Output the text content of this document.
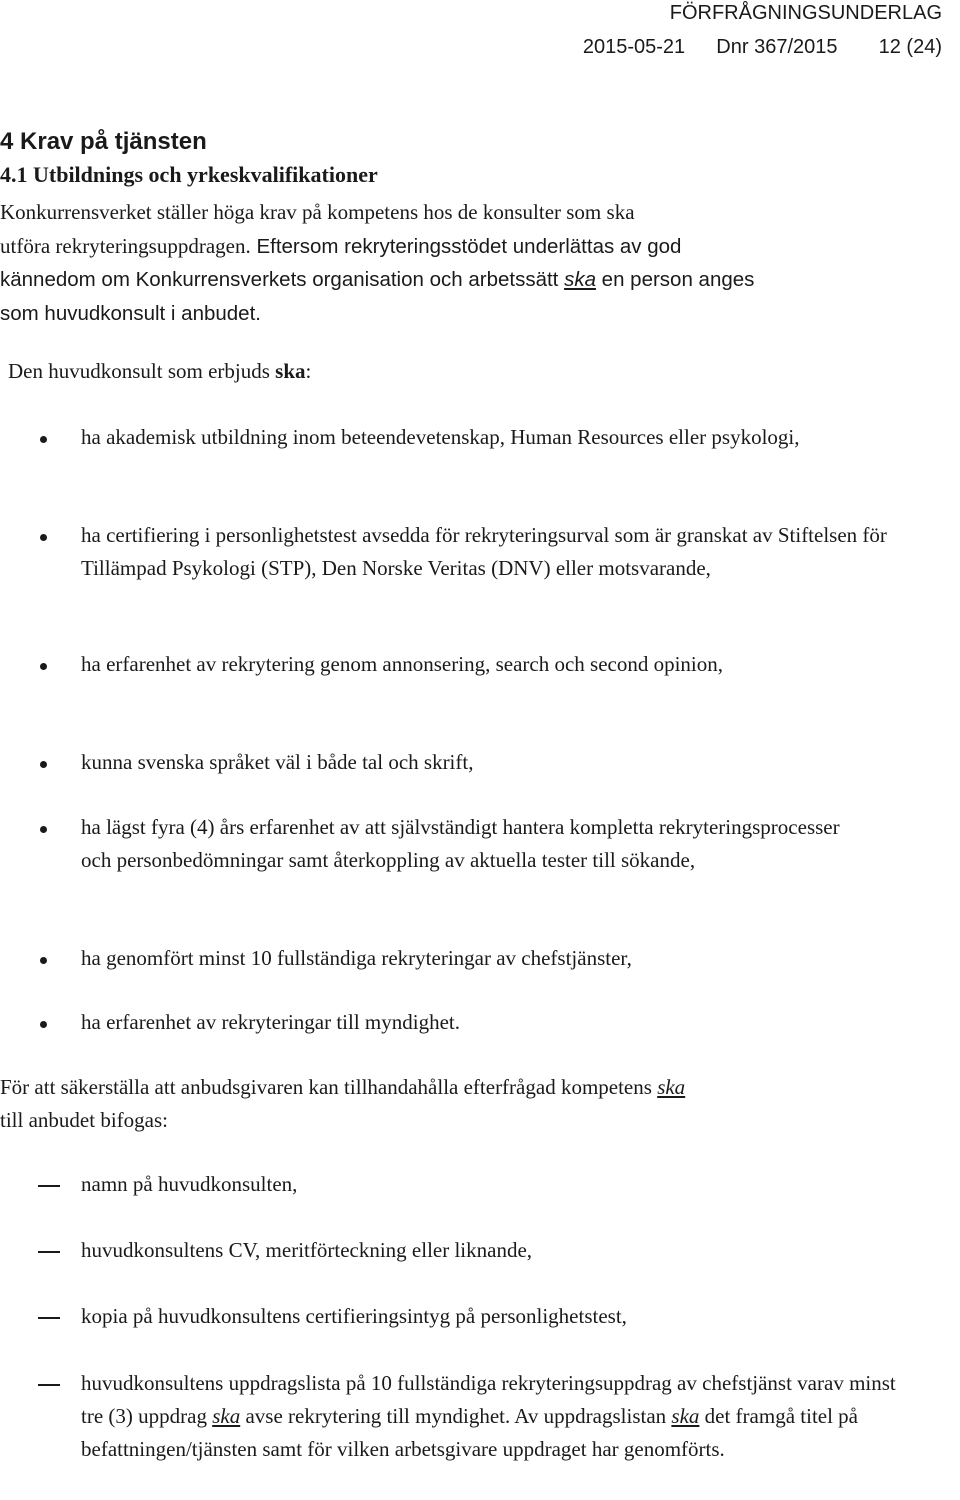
FÖRFRÅGNINGSUNDERLAG
2015-05-21 Dnr 367/2015 12 (24)
4 Krav på tjänsten
4.1 Utbildnings och yrkeskvalifikationer

Konkurrensverket ställer höga krav på kompetens hos de konsulter som ska
utföra rekryteringsuppdragen. Eftersom rekryteringsstödet underlättas av god
kännedom om Konkurrensverkets organisation och arbetssätt ska en person anges
som huvudkonsult i anbudet.

Den huvudkonsult som erbjuds ska:

ha akademisk utbildning inom beteendevetenskap, Human Resources eller psykologi,

ha certifiering i personlighetstest avsedda för rekryteringsurval som är granskat av Stiftelsen för Tillämpad Psykologi (STP), Den Norske Veritas (DNV) eller motsvarande,

ha erfarenhet av rekrytering genom annonsering, search och second opinion,

kunna svenska språket väl i både tal och skrift,

ha lägst fyra (4) års erfarenhet av att självständigt hantera kompletta rekryteringsprocesser och personbedömningar samt återkoppling av aktuella tester till sökande,

ha genomfört minst 10 fullständiga rekryteringar av chefstjänster,

ha erfarenhet av rekryteringar till myndighet.

För att säkerställa att anbudsgivaren kan tillhandahålla efterfrågad kompetens ska
till anbudet bifogas:

namn på huvudkonsulten,

huvudkonsultens CV, meritförteckning eller liknande,

kopia på huvudkonsultens certifieringsintyg på personlighetstest,

huvudkonsultens uppdragslista på 10 fullständiga rekryteringsuppdrag av chefstjänst varav minst tre (3) uppdrag ska avse rekrytering till myndighet. Av uppdragslistan ska det framgå titel på befattningen/tjänsten samt för vilken arbetsgivare uppdraget har genomförts.
